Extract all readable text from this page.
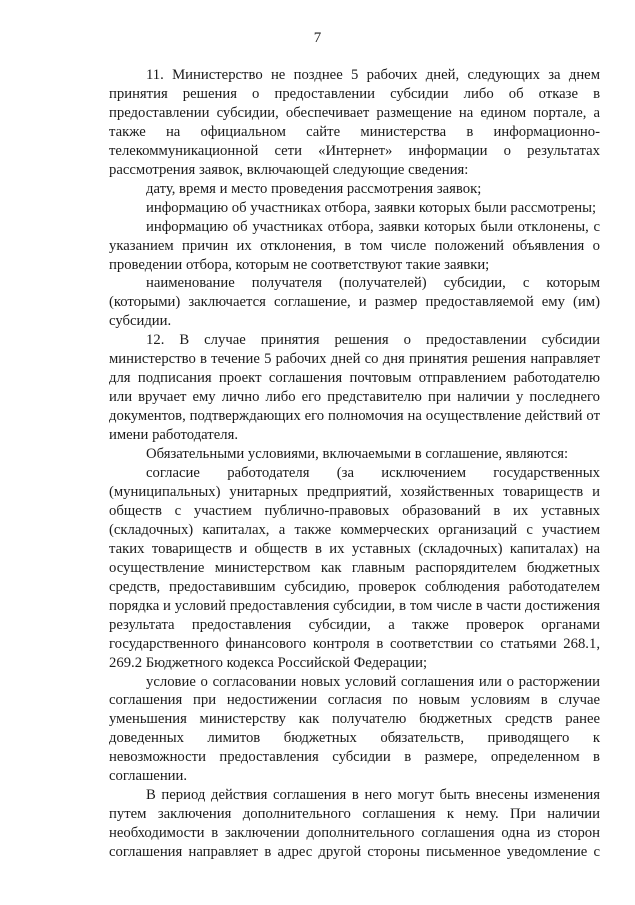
7

11. Министерство не позднее 5 рабочих дней, следующих за днем принятия решения о предоставлении субсидии либо об отказе в предоставлении субсидии, обеспечивает размещение на едином портале, а также на официальном сайте министерства в информационно-телекоммуникационной сети «Интернет» информации о результатах рассмотрения заявок, включающей следующие сведения:

дату, время и место проведения рассмотрения заявок;

информацию об участниках отбора, заявки которых были рассмотрены;

информацию об участниках отбора, заявки которых были отклонены, с указанием причин их отклонения, в том числе положений объявления о проведении отбора, которым не соответствуют такие заявки;

наименование получателя (получателей) субсидии, с которым (которыми) заключается соглашение, и размер предоставляемой ему (им) субсидии.

12. В случае принятия решения о предоставлении субсидии министерство в течение 5 рабочих дней со дня принятия решения направляет для подписания проект соглашения почтовым отправлением работодателю или вручает ему лично либо его представителю при наличии у последнего документов, подтверждающих его полномочия на осуществление действий от имени работодателя.

Обязательными условиями, включаемыми в соглашение, являются:

согласие работодателя (за исключением государственных (муниципальных) унитарных предприятий, хозяйственных товариществ и обществ с участием публично-правовых образований в их уставных (складочных) капиталах, а также коммерческих организаций с участием таких товариществ и обществ в их уставных (складочных) капиталах) на осуществление министерством как главным распорядителем бюджетных средств, предоставившим субсидию, проверок соблюдения работодателем порядка и условий предоставления субсидии, в том числе в части достижения результата предоставления субсидии, а также проверок органами государственного финансового контроля в соответствии со статьями 268.1, 269.2 Бюджетного кодекса Российской Федерации;

условие о согласовании новых условий соглашения или о расторжении соглашения при недостижении согласия по новым условиям в случае уменьшения министерству как получателю бюджетных средств ранее доведенных лимитов бюджетных обязательств, приводящего к невозможности предоставления субсидии в размере, определенном в соглашении.

В период действия соглашения в него могут быть внесены изменения путем заключения дополнительного соглашения к нему. При наличии необходимости в заключении дополнительного соглашения одна из сторон соглашения направляет в адрес другой стороны письменное уведомление с
